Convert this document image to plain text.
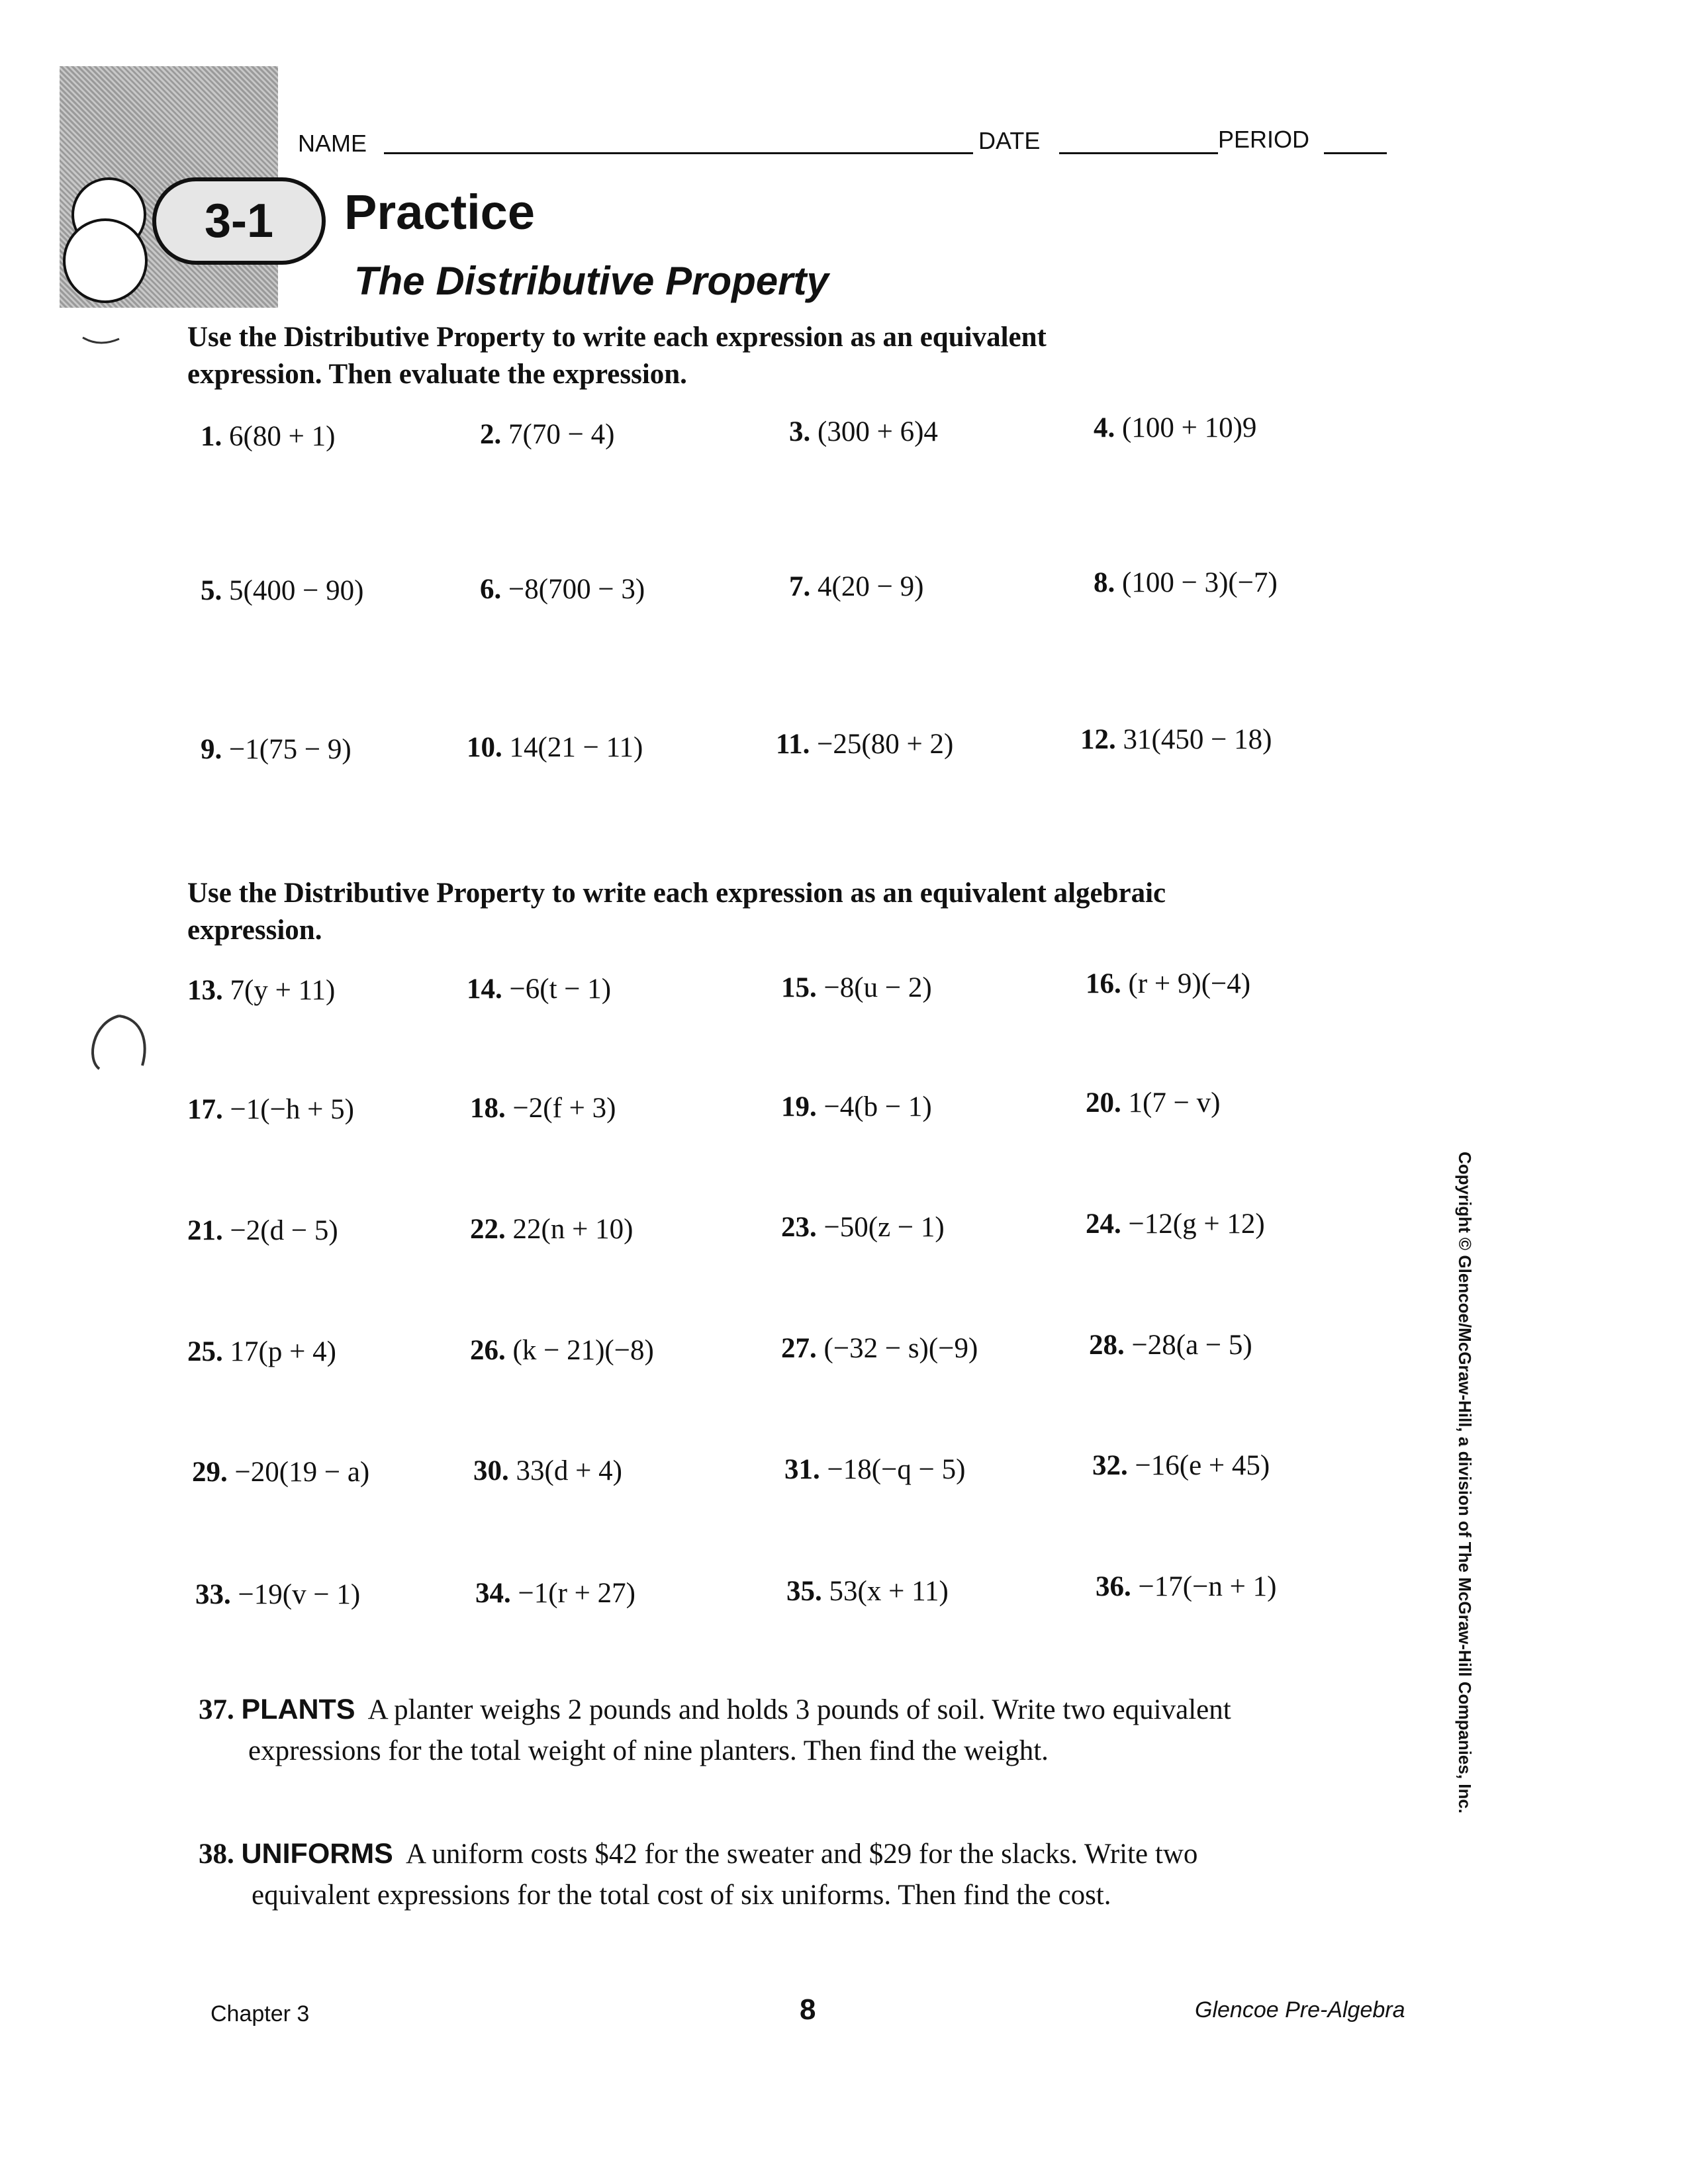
3-1
NAME	DATE	PERIOD
Practice
The Distributive Property
Use the Distributive Property to write each expression as an equivalent
expression. Then evaluate the expression.
1. 6(80 + 1)	2. 7(70 − 4)	3. (300 + 6)4	4. (100 + 10)9
5. 5(400 − 90)	6. −8(700 − 3)	7. 4(20 − 9)	8. (100 − 3)(−7)
9. −1(75 − 9)	10. 14(21 − 11)	11. −25(80 + 2)	12. 31(450 − 18)
Use the Distributive Property to write each expression as an equivalent algebraic
expression.
13. 7(y + 11)	14. −6(t − 1)	15. −8(u − 2)	16. (r + 9)(−4)
17. −1(−h + 5)	18. −2(f + 3)	19. −4(b − 1)	20. 1(7 − v)
21. −2(d − 5)	22. 22(n + 10)	23. −50(z − 1)	24. −12(g + 12)
25. 17(p + 4)	26. (k − 21)(−8)	27. (−32 − s)(−9)	28. −28(a − 5)
29. −20(19 − a)	30. 33(d + 4)	31. −18(−q − 5)	32. −16(e + 45)
33. −19(v − 1)	34. −1(r + 27)	35. 53(x + 11)	36. −17(−n + 1)
37. PLANTS A planter weighs 2 pounds and holds 3 pounds of soil. Write two equivalent
expressions for the total weight of nine planters. Then find the weight.
38. UNIFORMS A uniform costs $42 for the sweater and $29 for the slacks. Write two
equivalent expressions for the total cost of six uniforms. Then find the cost.
Copyright © Glencoe/McGraw-Hill, a division of The McGraw-Hill Companies, Inc.
Chapter 3	8	Glencoe Pre-Algebra
